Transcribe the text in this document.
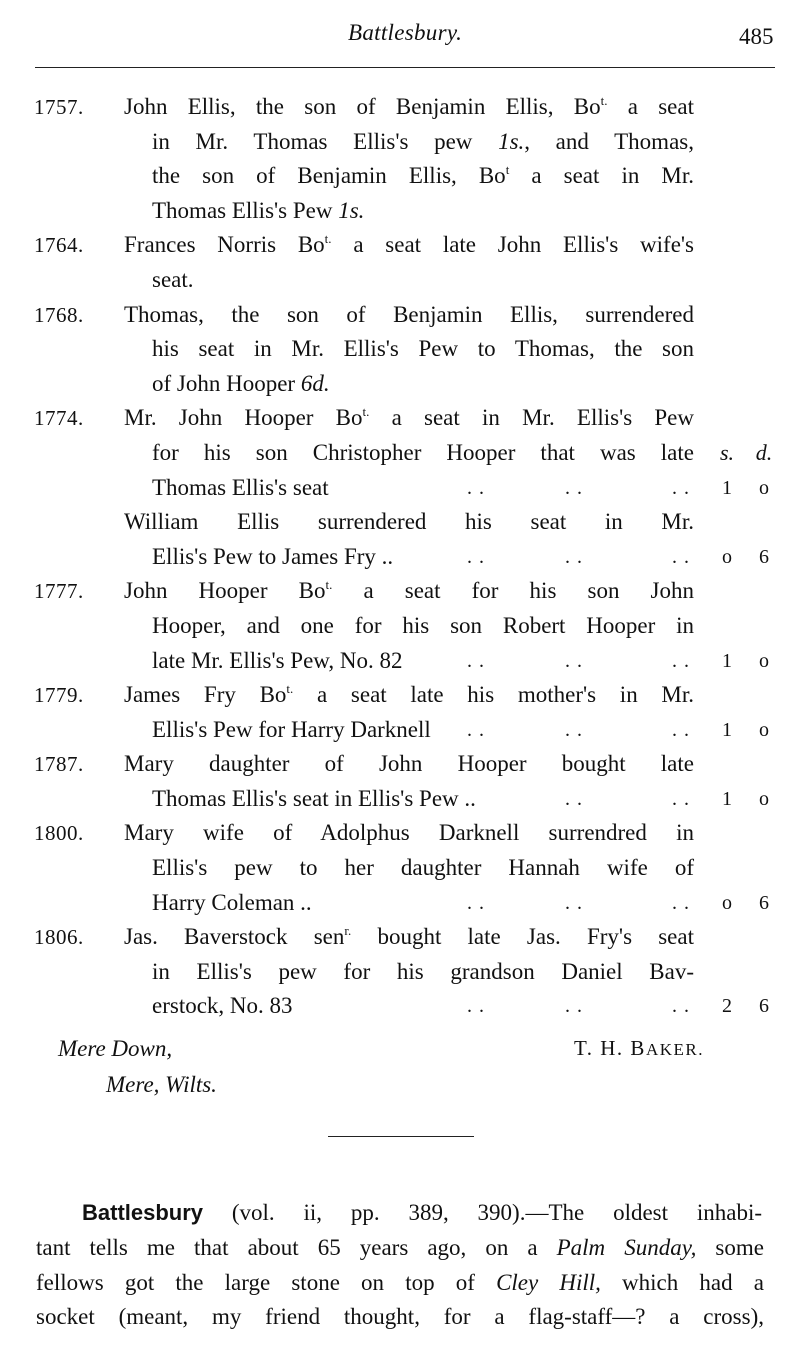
Battlesbury.	485
1757. John Ellis, the son of Benjamin Ellis, $Bo^{t.}$ a seat
in Mr. Thomas Ellis's pew 1s., and Thomas,
the son of Benjamin Ellis, Bo$^t$ a seat in Mr.
Thomas Ellis's Pew 1s.
1764. Frances Norris $Bo^{t.}$ a seat late John Ellis's wife's
seat.
1768. Thomas, the son of Benjamin Ellis, surrendered
his seat in Mr. Ellis's Pew to Thomas, the son
of John Hooper 6d.
1774. Mr. John Hooper $Bo^{t.}$ a seat in Mr. Ellis's Pew
for his son Christopher Hooper that was late	s. d.
Thomas Ellis's seat	. .	. .	. .	1	o
William Ellis surrendered his seat in Mr.
Ellis's Pew to James Fry ..	. .	. .	. .	o	6
1777. John Hooper $Bo^{t.}$ a seat for his son John
Hooper, and one for his son Robert Hooper in
late Mr. Ellis's Pew, No. 82	. .	. .	. .	1	o
1779. James Fry $Bo^{t.}$ a seat late his mother's in Mr.
Ellis's Pew for Harry Darknell	. .	. .	. .	1	o
1787. Mary daughter of John Hooper bought late
Thomas Ellis's seat in Ellis's Pew ..	. .	. .	1	o
1800. Mary wife of Adolphus Darknell surrendred in
Ellis's pew to her daughter Hannah wife of
Harry Coleman ..	. .	. .	. .	o	6
1806. Jas. Baverstock sen$^{r.}$ bought late Jas. Fry's seat
in Ellis's pew for his grandson Daniel Bav-
erstock, No. 83	. .	. .	. .	2	6
Mere Down,
Mere, Wilts.
T. H. BAKER.
Battlesbury (vol. ii, pp. 389, 390).—The oldest inhabi-
tant tells me that about 65 years ago, on a Palm Sunday, some
fellows got the large stone on top of Cley Hill, which had a
socket (meant, my friend thought, for a flag-staff—? a cross),
